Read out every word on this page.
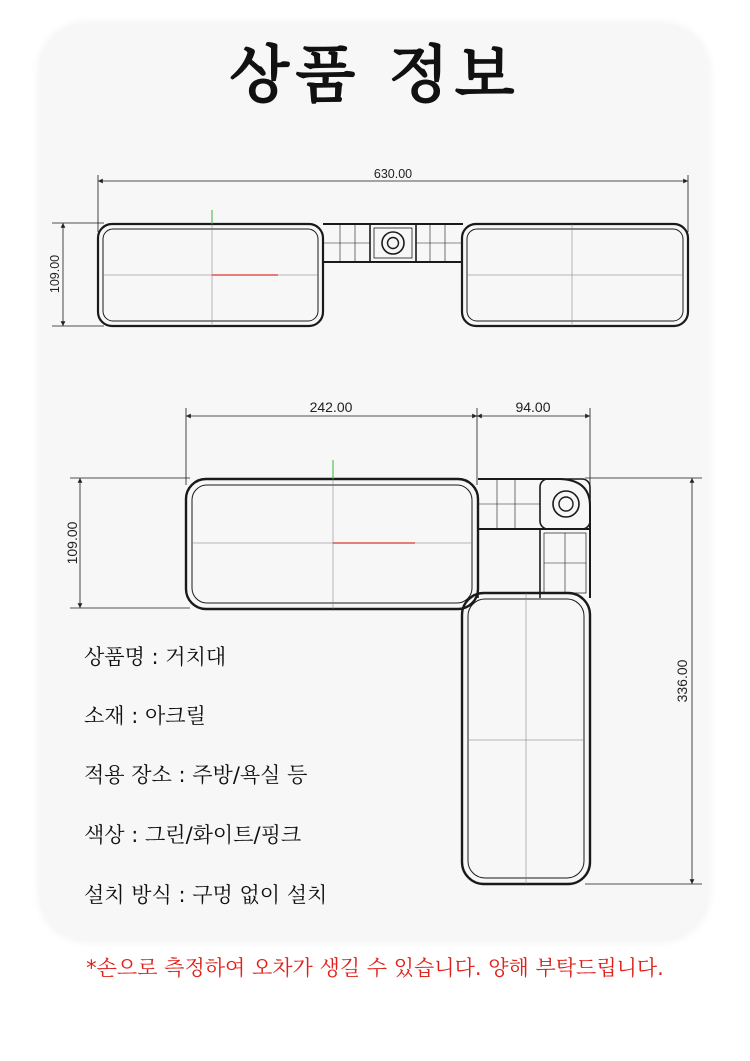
상품 정보
630.00
109.00
242.00	94.00
109.00
336.00

상품명 : 거치대

소재 : 아크릴

적용 장소 : 주방/욕실 등

색상 : 그린/화이트/핑크

설치 방식 : 구멍 없이 설치

*손으로 측정하여 오차가 생길 수 있습니다. 양해 부탁드립니다.
